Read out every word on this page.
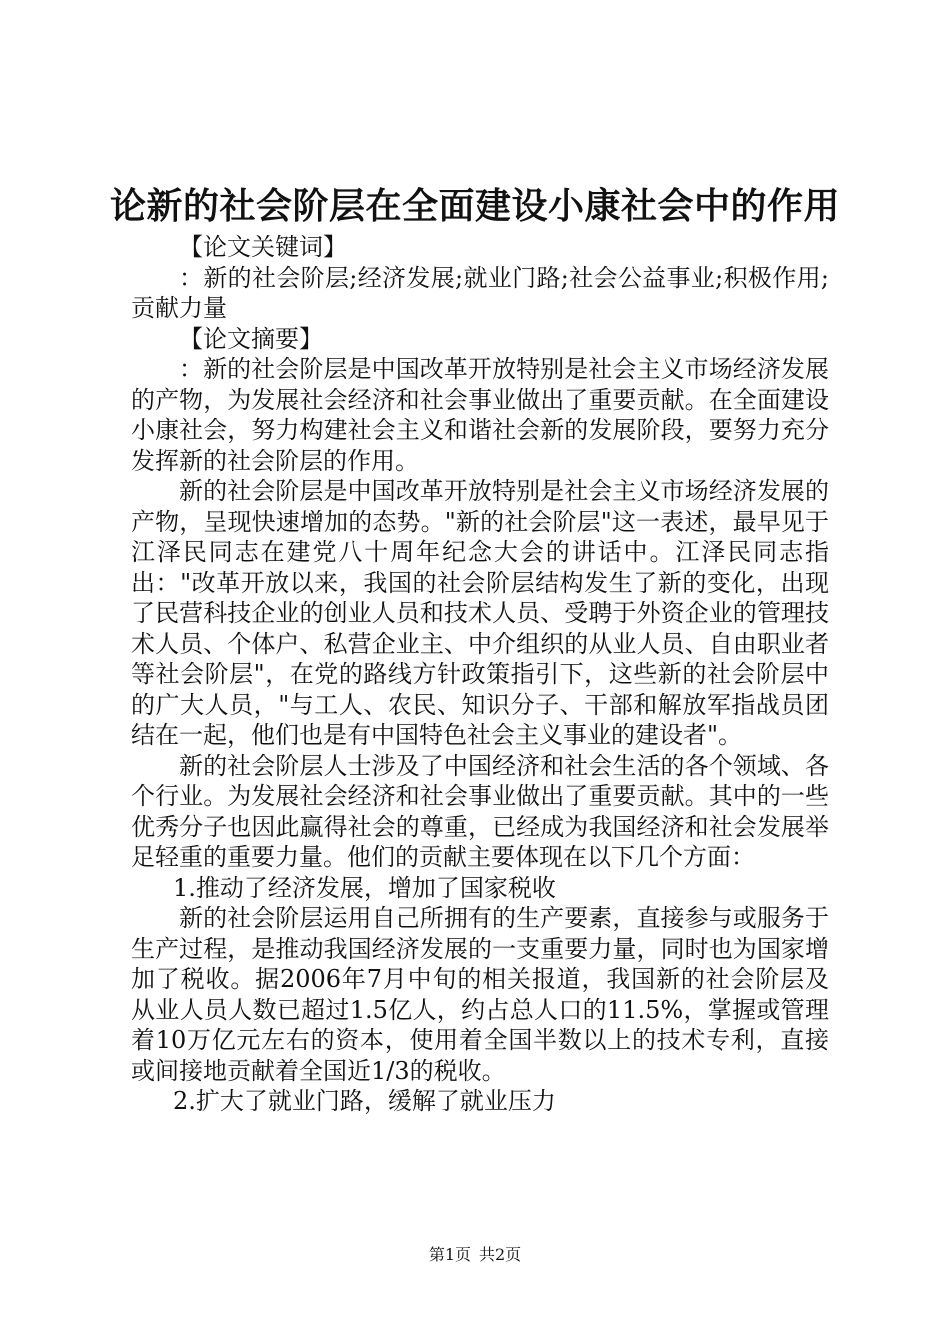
论新的社会阶层在全面建设小康社会中的作用

【论文关键词】

：新的社会阶层;经济发展;就业门路;社会公益事业;积极作用;贡献力量

【论文摘要】

：新的社会阶层是中国改革开放特别是社会主义市场经济发展的产物，为发展社会经济和社会事业做出了重要贡献。在全面建设小康社会，努力构建社会主义和谐社会新的发展阶段，要努力充分发挥新的社会阶层的作用。

新的社会阶层是中国改革开放特别是社会主义市场经济发展的产物，呈现快速增加的态势。"新的社会阶层"这一表述，最早见于江泽民同志在建党八十周年纪念大会的讲话中。江泽民同志指出："改革开放以来，我国的社会阶层结构发生了新的变化，出现了民营科技企业的创业人员和技术人员、受聘于外资企业的管理技术人员、个体户、私营企业主、中介组织的从业人员、自由职业者等社会阶层"，在党的路线方针政策指引下，这些新的社会阶层中的广大人员，"与工人、农民、知识分子、干部和解放军指战员团结在一起，他们也是有中国特色社会主义事业的建设者"。

新的社会阶层人士涉及了中国经济和社会生活的各个领域、各个行业。为发展社会经济和社会事业做出了重要贡献。其中的一些优秀分子也因此赢得社会的尊重，已经成为我国经济和社会发展举足轻重的重要力量。他们的贡献主要体现在以下几个方面：

1.推动了经济发展，增加了国家税收

新的社会阶层运用自己所拥有的生产要素，直接参与或服务于生产过程，是推动我国经济发展的一支重要力量，同时也为国家增加了税收。据2006年7月中旬的相关报道，我国新的社会阶层及从业人员人数已超过1.5亿人，约占总人口的11.5%，掌握或管理着10万亿元左右的资本，使用着全国半数以上的技术专利，直接或间接地贡献着全国近1/3的税收。

2.扩大了就业门路，缓解了就业压力

第1页 共2页
